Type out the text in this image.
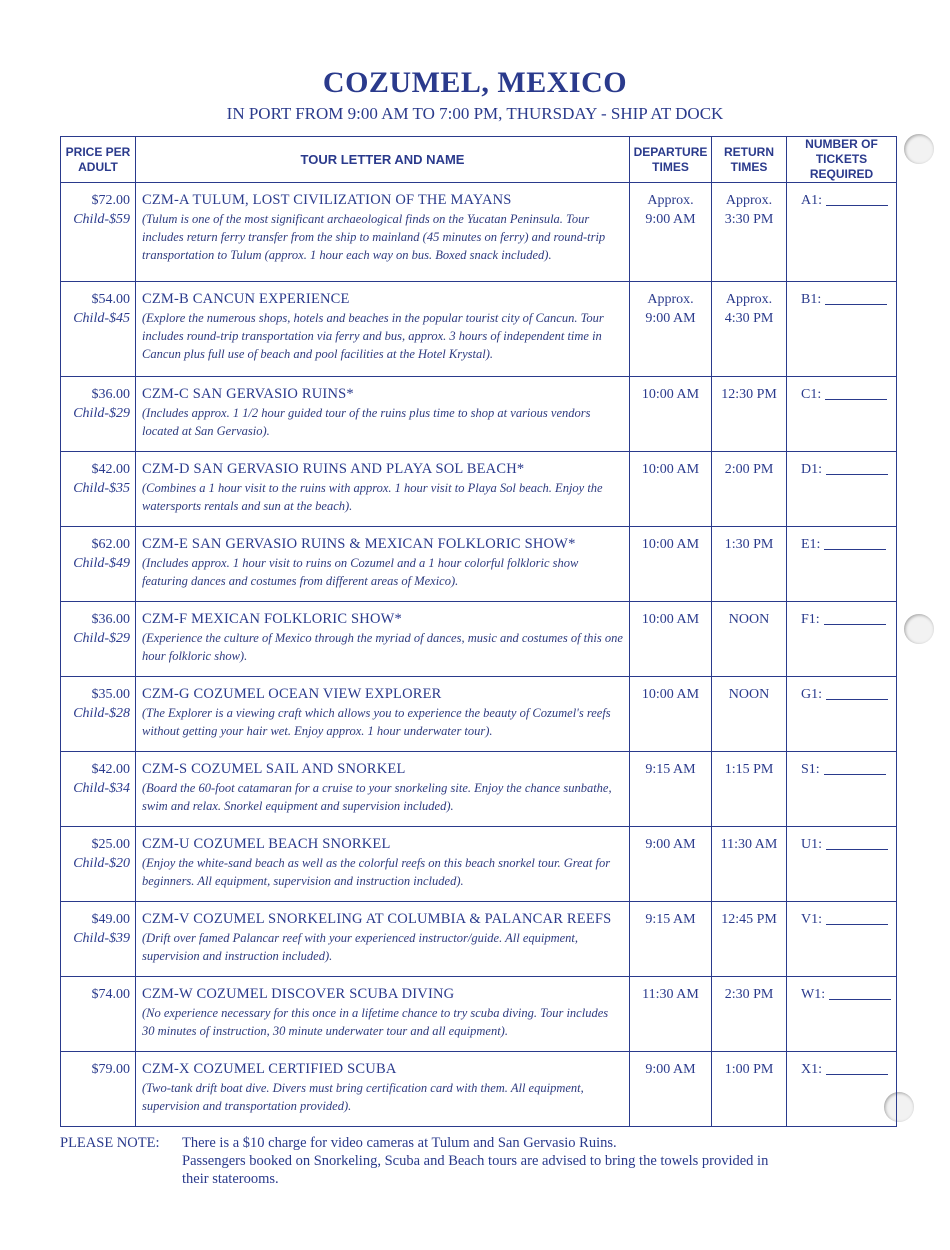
COZUMEL, MEXICO
IN PORT FROM 9:00 AM TO 7:00 PM, THURSDAY - SHIP AT DOCK
PRICE PER ADULT	TOUR LETTER AND NAME	DEPARTURE TIMES	RETURN TIMES	NUMBER OF TICKETS REQUIRED

$72.00
Child-$59	CZM-A TULUM, LOST CIVILIZATION OF THE MAYANS
(Tulum is one of the most significant archaeological finds on the Yucatan Peninsula. Tour includes return ferry transfer from the ship to mainland (45 minutes on ferry) and round-trip transportation to Tulum (approx. 1 hour each way on bus. Boxed snack included).	Approx.
9:00 AM	Approx.
3:30 PM	A1:

$54.00
Child-$45	CZM-B CANCUN EXPERIENCE
(Explore the numerous shops, hotels and beaches in the popular tourist city of Cancun. Tour includes round-trip transportation via ferry and bus, approx. 3 hours of independent time in Cancun plus full use of beach and pool facilities at the Hotel Krystal).	Approx.
9:00 AM	Approx.
4:30 PM	B1:

$36.00
Child-$29	CZM-C SAN GERVASIO RUINS*
(Includes approx. 1 1/2 hour guided tour of the ruins plus time to shop at various vendors located at San Gervasio).	10:00 AM	12:30 PM	C1:

$42.00
Child-$35	CZM-D SAN GERVASIO RUINS AND PLAYA SOL BEACH*
(Combines a 1 hour visit to the ruins with approx. 1 hour visit to Playa Sol beach. Enjoy the watersports rentals and sun at the beach).	10:00 AM	2:00 PM	D1:

$62.00
Child-$49	CZM-E SAN GERVASIO RUINS & MEXICAN FOLKLORIC SHOW*
(Includes approx. 1 hour visit to ruins on Cozumel and a 1 hour colorful folkloric show featuring dances and costumes from different areas of Mexico).	10:00 AM	1:30 PM	E1:

$36.00
Child-$29	CZM-F MEXICAN FOLKLORIC SHOW*
(Experience the culture of Mexico through the myriad of dances, music and costumes of this one hour folkloric show).	10:00 AM	NOON	F1:

$35.00
Child-$28	CZM-G COZUMEL OCEAN VIEW EXPLORER
(The Explorer is a viewing craft which allows you to experience the beauty of Cozumel's reefs without getting your hair wet. Enjoy approx. 1 hour underwater tour).	10:00 AM	NOON	G1:

$42.00
Child-$34	CZM-S COZUMEL SAIL AND SNORKEL
(Board the 60-foot catamaran for a cruise to your snorkeling site. Enjoy the chance sunbathe, swim and relax. Snorkel equipment and supervision included).	9:15 AM	1:15 PM	S1:

$25.00
Child-$20	CZM-U COZUMEL BEACH SNORKEL
(Enjoy the white-sand beach as well as the colorful reefs on this beach snorkel tour. Great for beginners. All equipment, supervision and instruction included).	9:00 AM	11:30 AM	U1:

$49.00
Child-$39	CZM-V COZUMEL SNORKELING AT COLUMBIA & PALANCAR REEFS
(Drift over famed Palancar reef with your experienced instructor/guide. All equipment, supervision and instruction included).	9:15 AM	12:45 PM	V1:

$74.00	CZM-W COZUMEL DISCOVER SCUBA DIVING
(No experience necessary for this once in a lifetime chance to try scuba diving. Tour includes 30 minutes of instruction, 30 minute underwater tour and all equipment).	11:30 AM	2:30 PM	W1:

$79.00	CZM-X COZUMEL CERTIFIED SCUBA
(Two-tank drift boat dive. Divers must bring certification card with them. All equipment, supervision and transportation provided).	9:00 AM	1:00 PM	X1:
PLEASE NOTE: There is a $10 charge for video cameras at Tulum and San Gervasio Ruins.
Passengers booked on Snorkeling, Scuba and Beach tours are advised to bring the towels provided in
their staterooms.
